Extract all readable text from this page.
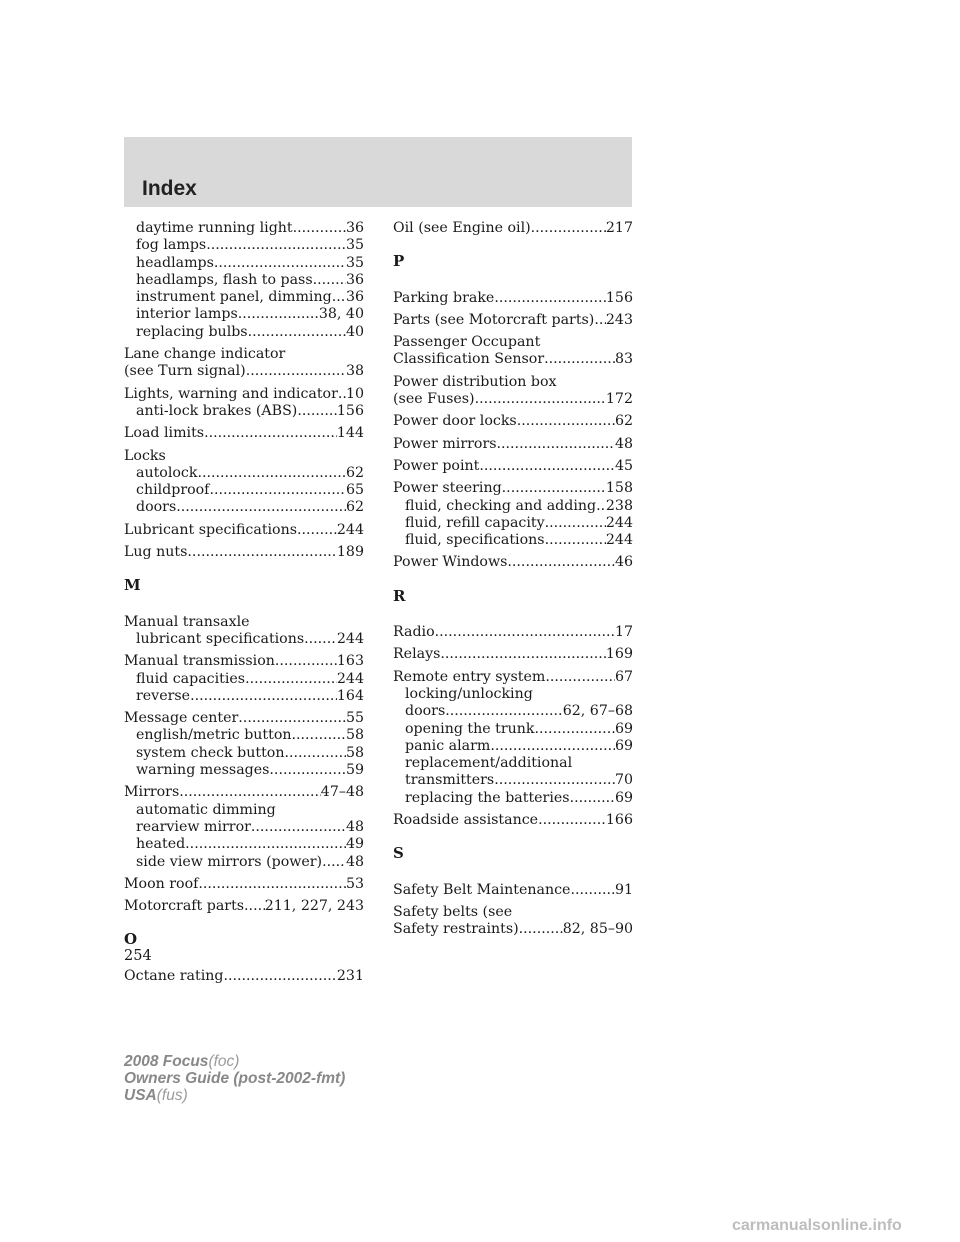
Index
daytime running light .....	36
fog lamps .....	35
headlamps .....	35
headlamps, flash to pass ..... 36
instrument panel, dimming ..... 36
interior lamps .....	38, 40
replacing bulbs .....	40
Lane change indicator
(see Turn signal) .....	38
Lights, warning and indicator ..... 10
anti-lock brakes (ABS) .....	156
Load limits .....	144
Locks
autolock .....	62
childproof .....	65
doors .....	62
Lubricant specifications .....	244
Lug nuts .....	189
M
Manual transaxle
lubricant specifications ..... 244
Manual transmission .....	163
fluid capacities .....	244
reverse .....	164
Message center .....	55
english/metric button .....	58
system check button .....	58
warning messages .....	59
Mirrors .....	47–48
automatic dimming
rearview mirror .....	48
heated .....	49
side view mirrors (power) ..... 48
Moon roof .....	53
Motorcraft parts ..... 211, 227, 243
O
Octane rating .....	231
Oil (see Engine oil) .....	217
P
Parking brake .....	156
Parts (see Motorcraft parts) ..... 243
Passenger Occupant
Classification Sensor .....	83
Power distribution box
(see Fuses) .....	172
Power door locks .....	62
Power mirrors .....	48
Power point .....	45
Power steering .....	158
fluid, checking and adding ..... 238
fluid, refill capacity .....	244
fluid, specifications .....	244
Power Windows .....	46
R
Radio .....	17
Relays .....	169
Remote entry system .....	67
locking/unlocking
doors .....	62, 67–68
opening the trunk .....	69
panic alarm .....	69
replacement/additional
transmitters .....	70
replacing the batteries .....	69
Roadside assistance .....	166
S
Safety Belt Maintenance .....	91
Safety belts (see
Safety restraints) .....	82, 85–90
254
2008 Focus(foc)
Owners Guide (post-2002-fmt)
USA(fus)
carmanualsonline.info
